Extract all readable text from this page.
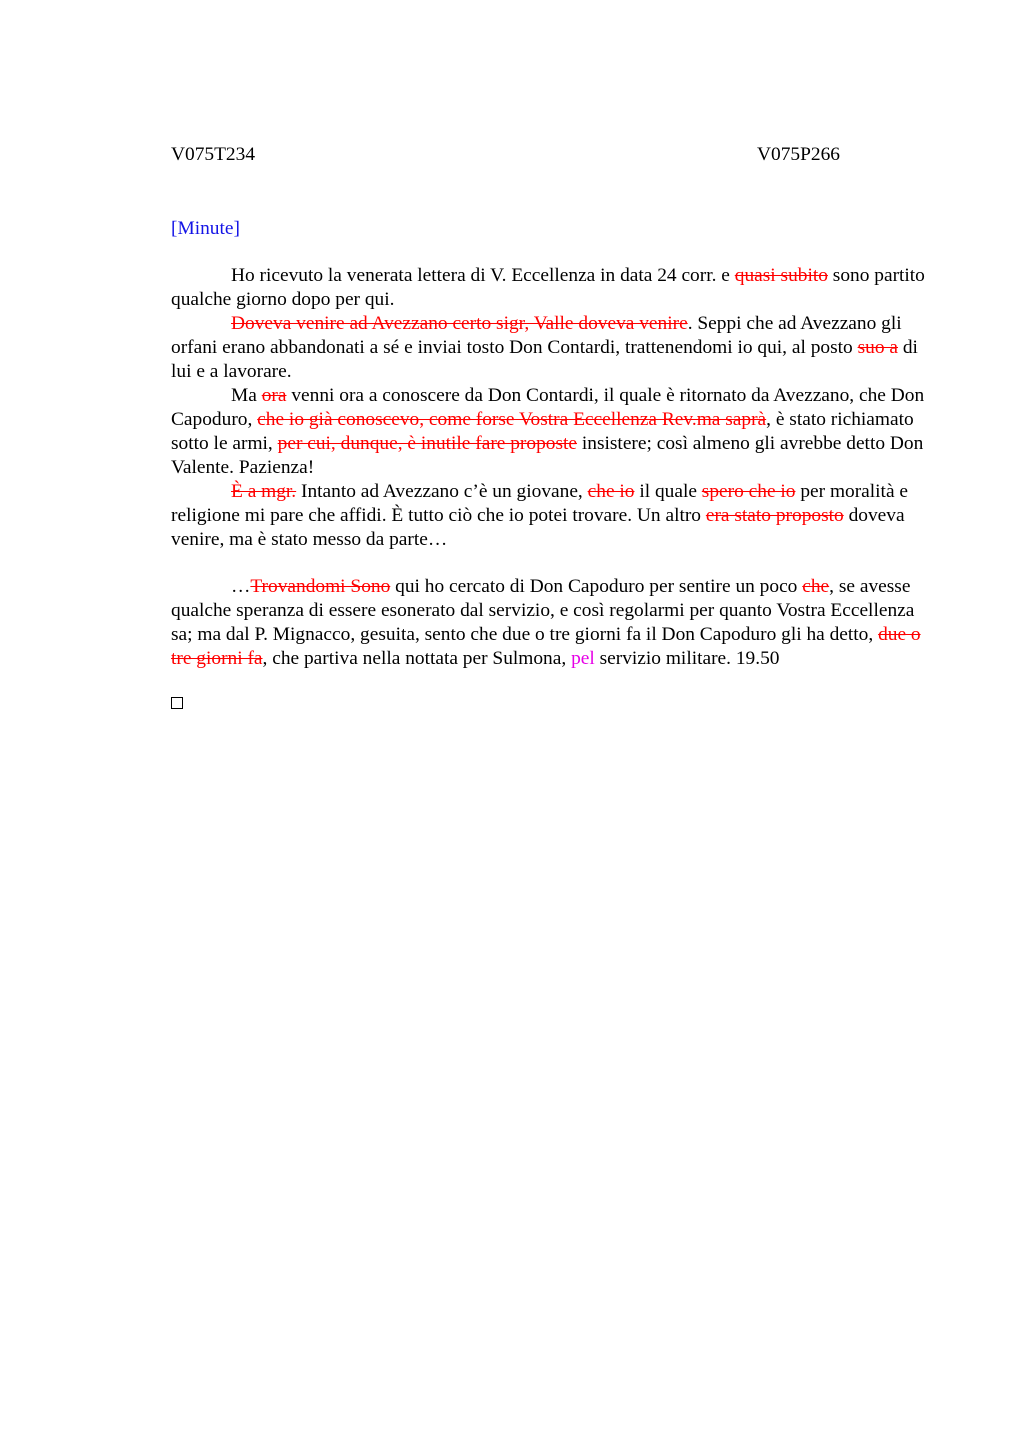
V075T234	V075P266
[Minute]

Ho ricevuto la venerata lettera di V. Eccellenza in data 24 corr. e quasi subito sono partito qualche giorno dopo per qui.

Doveva venire ad Avezzano certo sigr, Valle doveva venire. Seppi che ad Avezzano gli orfani erano abbandonati a sé e inviai tosto Don Contardi, trattenendomi io qui, al posto suo a di lui e a lavorare.

Ma ora venni ora a conoscere da Don Contardi, il quale è ritornato da Avezzano, che Don Capoduro, che io già conoscevo, come forse Vostra Eccellenza Rev.ma saprà, è stato richiamato sotto le armi, per cui, dunque, è inutile fare proposte insistere; così almeno gli avrebbe detto Don Valente. Pazienza!

È a mgr. Intanto ad Avezzano c’è un giovane, che io il quale spero che io per moralità e religione mi pare che affidi. È tutto ciò che io potei trovare. Un altro era stato proposto doveva venire, ma è stato messo da parte…

…Trovandomi Sono qui ho cercato di Don Capoduro per sentire un poco che, se avesse qualche speranza di essere esonerato dal servizio, e così regolarmi per quanto Vostra Eccellenza sa; ma dal P. Mignacco, gesuita, sento che due o tre giorni fa il Don Capoduro gli ha detto, due o tre giorni fa, che partiva nella nottata per Sulmona, pel servizio militare. 19.50
